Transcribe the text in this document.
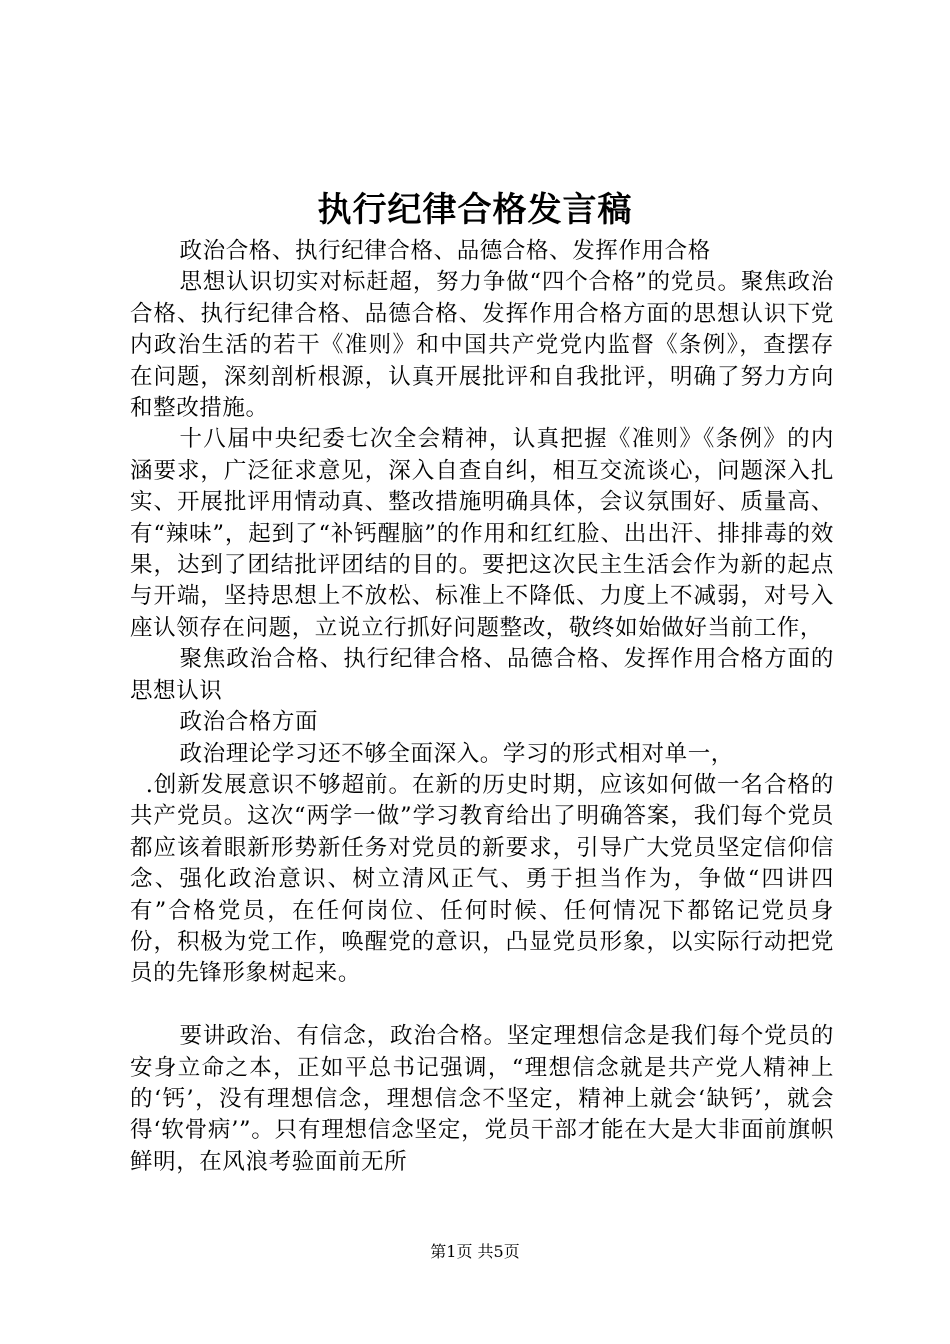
执行纪律合格发言稿

政治合格、执行纪律合格、品德合格、发挥作用合格

思想认识切实对标赶超，努力争做“四个合格”的党员。聚焦政治合格、执行纪律合格、品德合格、发挥作用合格方面的思想认识下党内政治生活的若干《准则》和中国共产党党内监督《条例》，查摆存在问题，深刻剖析根源，认真开展批评和自我批评，明确了努力方向和整改措施。

十八届中央纪委七次全会精神，认真把握《准则》《条例》的内涵要求，广泛征求意见，深入自查自纠，相互交流谈心，问题深入扎实、开展批评用情动真、整改措施明确具体，会议氛围好、质量高、有“辣味”，起到了“补钙醒脑”的作用和红红脸、出出汗、排排毒的效果，达到了团结批评团结的目的。要把这次民主生活会作为新的起点与开端，坚持思想上不放松、标准上不降低、力度上不减弱，对号入座认领存在问题，立说立行抓好问题整改，敬终如始做好当前工作，

聚焦政治合格、执行纪律合格、品德合格、发挥作用合格方面的思想认识

政治合格方面

政治理论学习还不够全面深入。学习的形式相对单一，

.创新发展意识不够超前。在新的历史时期，应该如何做一名合格的共产党员。这次“两学一做”学习教育给出了明确答案，我们每个党员都应该着眼新形势新任务对党员的新要求，引导广大党员坚定信仰信念、强化政治意识、树立清风正气、勇于担当作为，争做“四讲四有”合格党员，在任何岗位、任何时候、任何情况下都铭记党员身份，积极为党工作，唤醒党的意识，凸显党员形象，以实际行动把党员的先锋形象树起来。

要讲政治、有信念，政治合格。坚定理想信念是我们每个党员的安身立命之本，正如平总书记强调，“理想信念就是共产党人精神上的‘钙’，没有理想信念，理想信念不坚定，精神上就会‘缺钙’，就会得‘软骨病’”。只有理想信念坚定，党员干部才能在大是大非面前旗帜鲜明，在风浪考验面前无所

第1页 共5页
